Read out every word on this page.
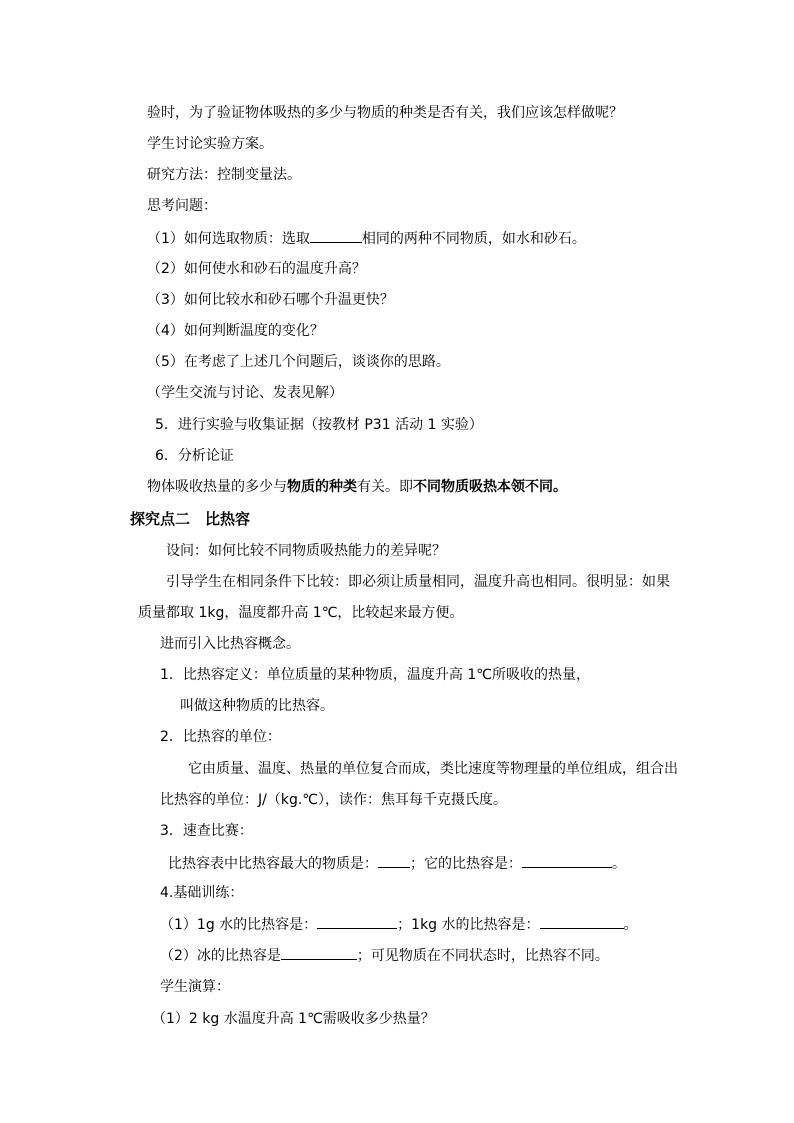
验时，为了验证物体吸热的多少与物质的种类是否有关，我们应该怎样做呢？
学生讨论实验方案。
研究方法：控制变量法。
思考问题：
（1）如何选取物质：选取	相同的两种不同物质，如水和砂石。
（2）如何使水和砂石的温度升高？
（3）如何比较水和砂石哪个升温更快？
（4）如何判断温度的变化？
（5）在考虑了上述几个问题后，谈谈你的思路。
（学生交流与讨论、发表见解）
5．进行实验与收集证据（按教材 P31 活动 1 实验）
6．分析论证
物体吸收热量的多少与物质的种类有关。即不同物质吸热本领不同。
探究点二　比热容
设问：如何比较不同物质吸热能力的差异呢？
引导学生在相同条件下比较：即必须让质量相同，温度升高也相同。很明显：如果
质量都取 1kg，温度都升高 1℃，比较起来最方便。
进而引入比热容概念。
1．比热容定义：单位质量的某种物质，温度升高 1℃所吸收的热量，
叫做这种物质的比热容。
2．比热容的单位：
它由质量、温度、热量的单位复合而成，类比速度等物理量的单位组成，组合出
比热容的单位：J/（kg.℃），读作：焦耳每千克摄氏度。
3．速查比赛：
比热容表中比热容最大的物质是： ；它的比热容是：	。
4.基础训练：
（1）1g 水的比热容是：	；1kg 水的比热容是：	。
（2）冰的比热容是	；可见物质在不同状态时，比热容不同。
学生演算：
（1）2 kg 水温度升高 1℃需吸收多少热量？
